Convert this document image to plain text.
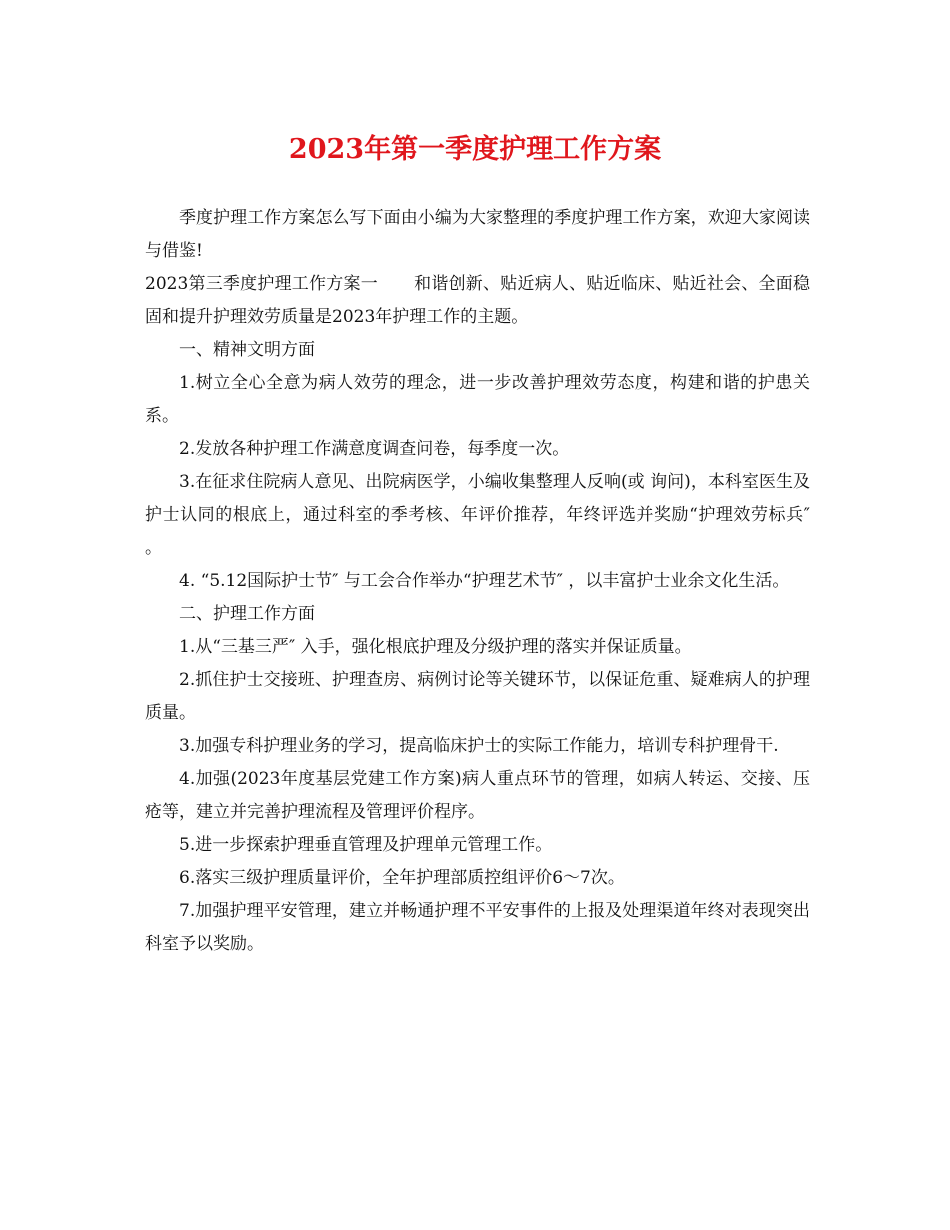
2023年第一季度护理工作方案

季度护理工作方案怎么写下面由小编为大家整理的季度护理工作方案，欢迎大家阅读与借鉴!

2023第三季度护理工作方案一 和谐创新、贴近病人、贴近临床、贴近社会、全面稳固和提升护理效劳质量是2023年护理工作的主题。

一、精神文明方面

1.树立全心全意为病人效劳的理念，进一步改善护理效劳态度，构建和谐的护患关系。

2.发放各种护理工作满意度调查问卷，每季度一次。

3.在征求住院病人意见、出院病医学，小编收集整理人反响(或 询问)，本科室医生及护士认同的根底上，通过科室的季考核、年评价推荐，年终评选并奖励“护理效劳标兵″ 。

4. “5.12国际护士节″ 与工会合作举办“护理艺术节″ ，以丰富护士业余文化生活。

二、护理工作方面

1.从“三基三严″ 入手，强化根底护理及分级护理的落实并保证质量。

2.抓住护士交接班、护理查房、病例讨论等关键环节，以保证危重、疑难病人的护理质量。

3.加强专科护理业务的学习，提高临床护士的实际工作能力，培训专科护理骨干.

4.加强(2023年度基层党建工作方案)病人重点环节的管理，如病人转运、交接、压疮等，建立并完善护理流程及管理评价程序。

5.进一步探索护理垂直管理及护理单元管理工作。

6.落实三级护理质量评价，全年护理部质控组评价6～7次。

7.加强护理平安管理，建立并畅通护理不平安事件的上报及处理渠道年终对表现突出科室予以奖励。
